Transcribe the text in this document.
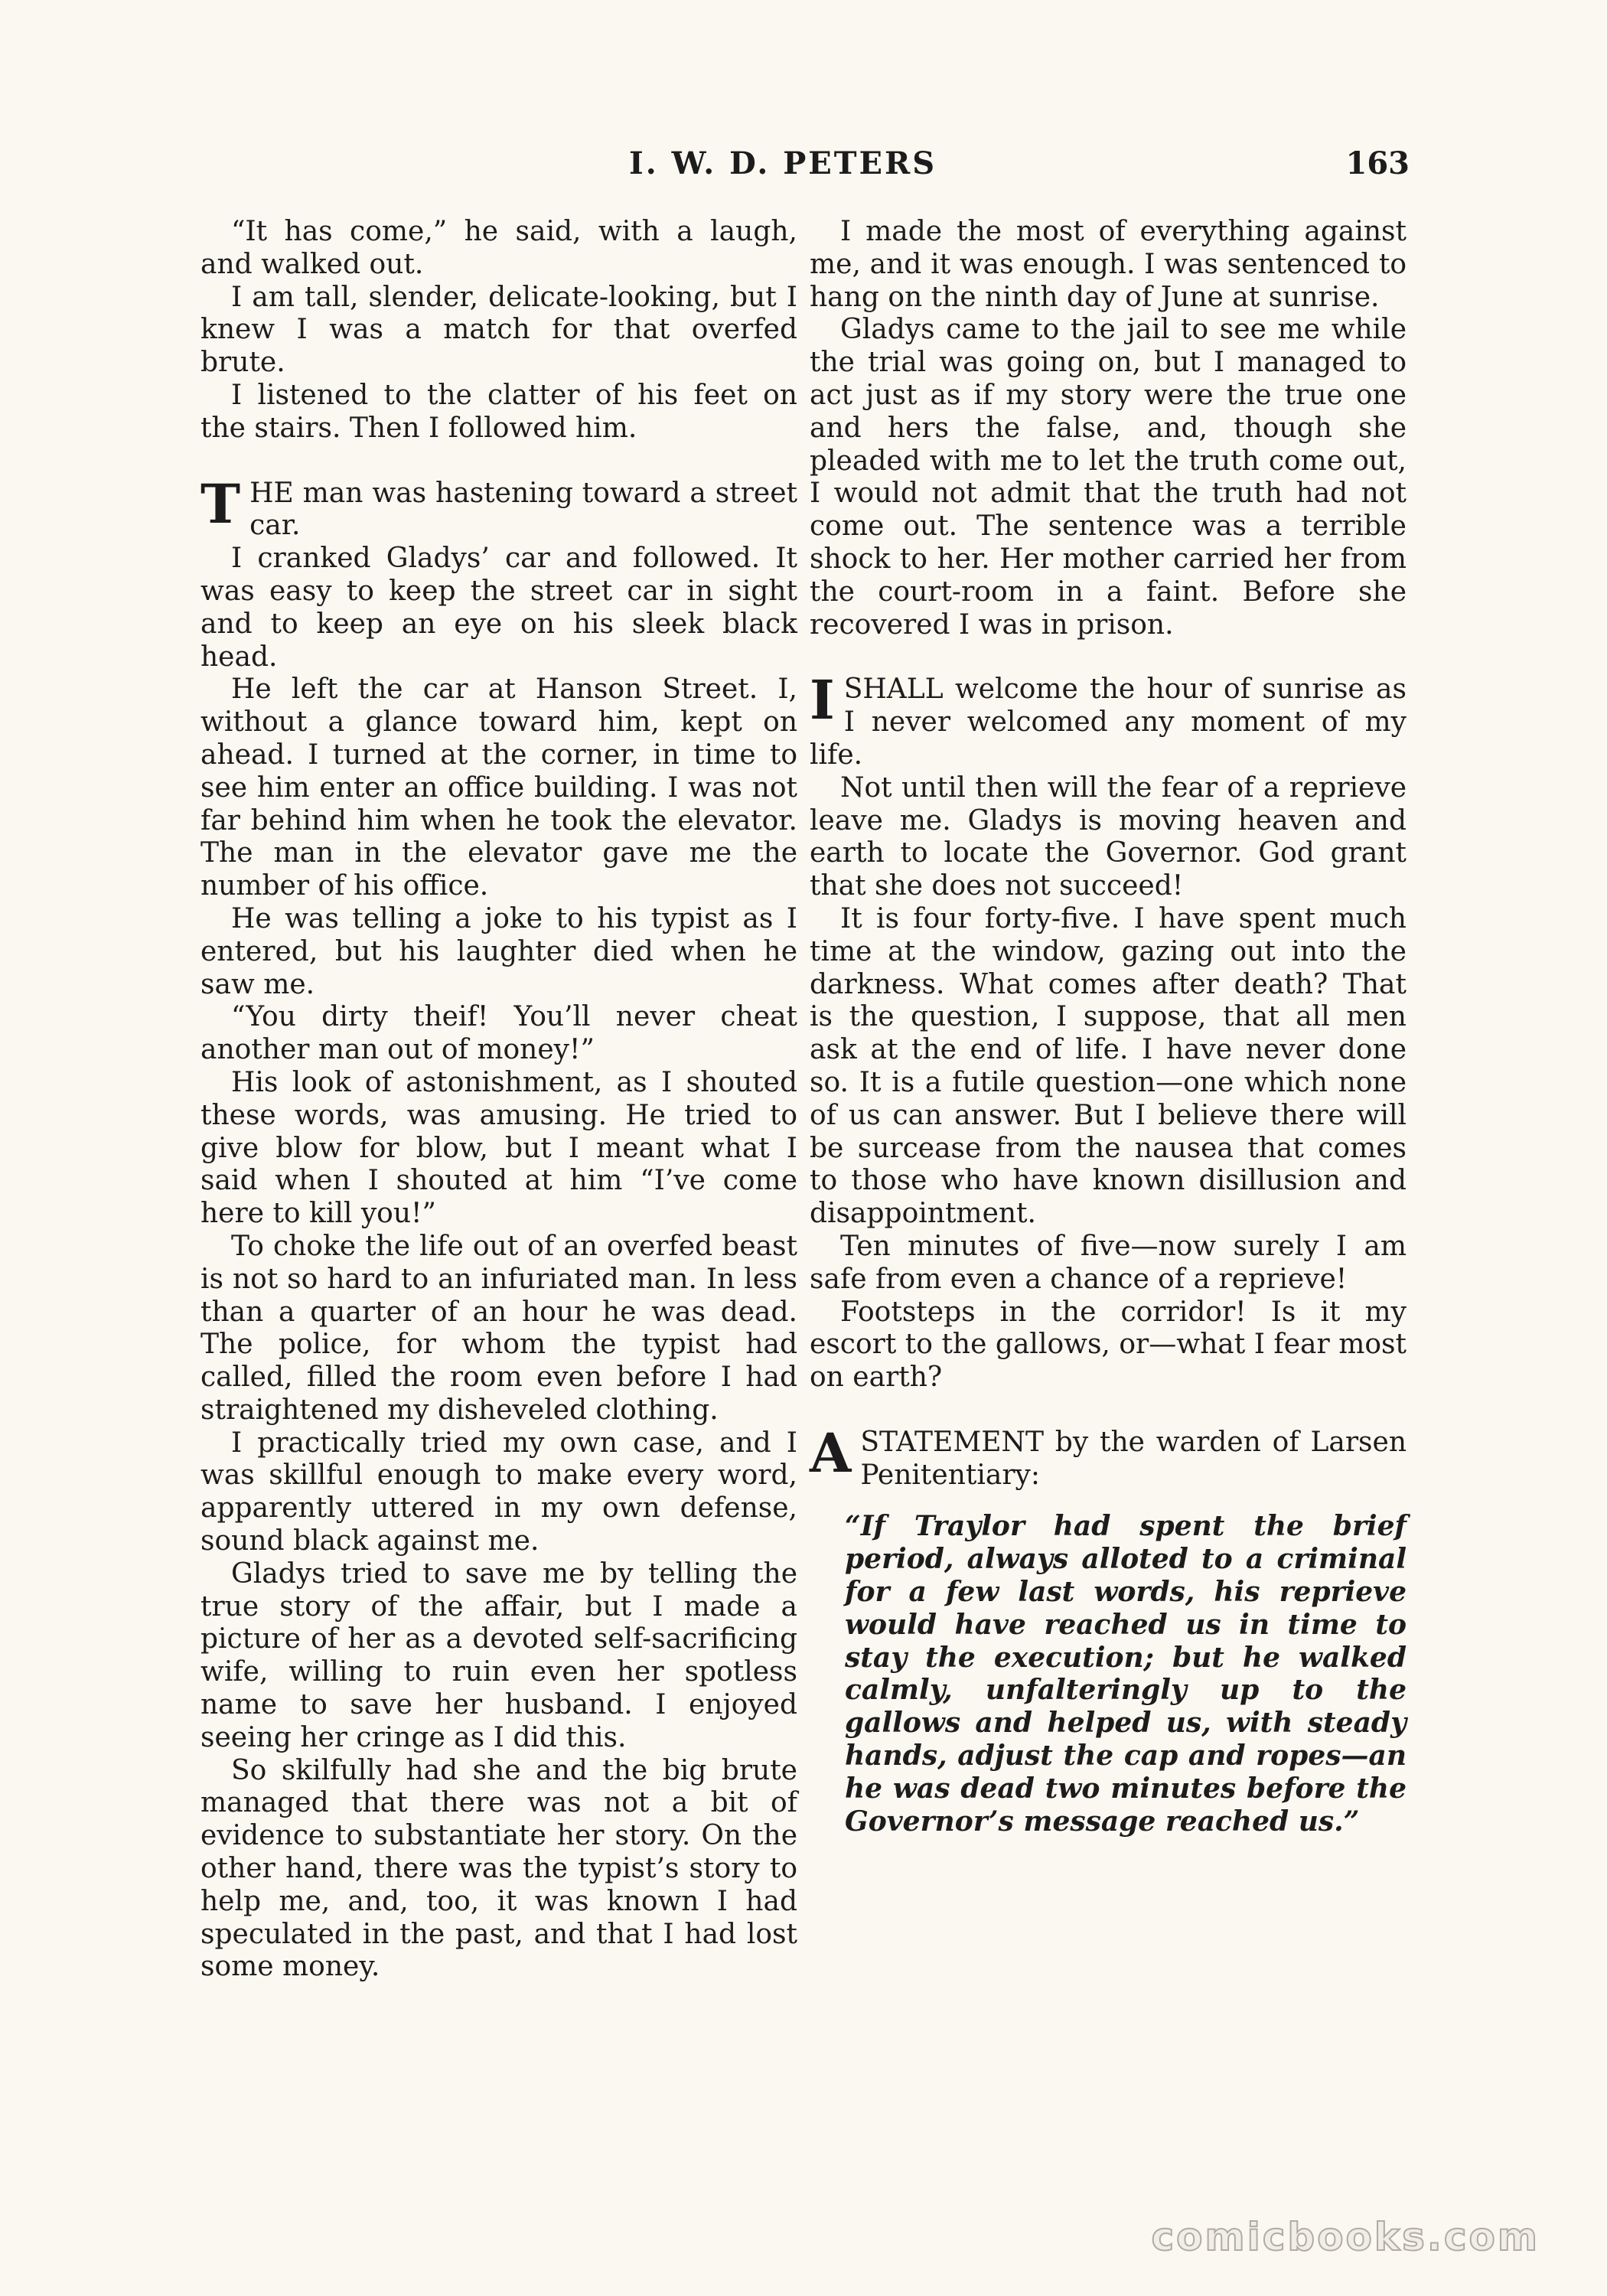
I. W. D. PETERS	163

“It has come,” he said, with a laugh, and walked out.

I am tall, slender, delicate-looking, but I knew I was a match for that overfed brute.

I listened to the clatter of his feet on the stairs. Then I followed him.

THE man was hastening toward a street car.

I cranked Gladys’ car and followed. It was easy to keep the street car in sight and to keep an eye on his sleek black head.

He left the car at Hanson Street. I, without a glance toward him, kept on ahead. I turned at the corner, in time to see him enter an office building. I was not far behind him when he took the elevator. The man in the elevator gave me the number of his office.

He was telling a joke to his typist as I entered, but his laughter died when he saw me.

“You dirty theif! You’ll never cheat another man out of money!”

His look of astonishment, as I shouted these words, was amusing. He tried to give blow for blow, but I meant what I said when I shouted at him “I’ve come here to kill you!”

To choke the life out of an overfed beast is not so hard to an infuriated man. In less than a quarter of an hour he was dead. The police, for whom the typist had called, filled the room even before I had straightened my disheveled clothing.

I practically tried my own case, and I was skillful enough to make every word, apparently uttered in my own defense, sound black against me.

Gladys tried to save me by telling the true story of the affair, but I made a picture of her as a devoted self-sacrificing wife, willing to ruin even her spotless name to save her husband. I enjoyed seeing her cringe as I did this.

So skilfully had she and the big brute managed that there was not a bit of evidence to substantiate her story. On the other hand, there was the typist’s story to help me, and, too, it was known I had speculated in the past, and that I had lost some money.

I made the most of everything against me, and it was enough. I was sentenced to hang on the ninth day of June at sunrise.

Gladys came to the jail to see me while the trial was going on, but I managed to act just as if my story were the true one and hers the false, and, though she pleaded with me to let the truth come out, I would not admit that the truth had not come out. The sentence was a terrible shock to her. Her mother carried her from the court-room in a faint. Before she recovered I was in prison.

ISHALL welcome the hour of sunrise as I never welcomed any moment of my life.

Not until then will the fear of a reprieve leave me. Gladys is moving heaven and earth to locate the Governor. God grant that she does not succeed!

It is four forty-five. I have spent much time at the window, gazing out into the darkness. What comes after death? That is the question, I suppose, that all men ask at the end of life. I have never done so. It is a futile question—one which none of us can answer. But I believe there will be surcease from the nausea that comes to those who have known disillusion and disappointment.

Ten minutes of five—now surely I am safe from even a chance of a reprieve!

Footsteps in the corridor! Is it my escort to the gallows, or—what I fear most on earth?

ASTATEMENT by the warden of Larsen Penitentiary:

“If Traylor had spent the brief period, always alloted to a criminal for a few last words, his reprieve would have reached us in time to stay the execution; but he walked calmly, unfalteringly up to the gallows and helped us, with steady hands, adjust the cap and ropes—an he was dead two minutes before the Governor’s message reached us.”

comicbooks.com
